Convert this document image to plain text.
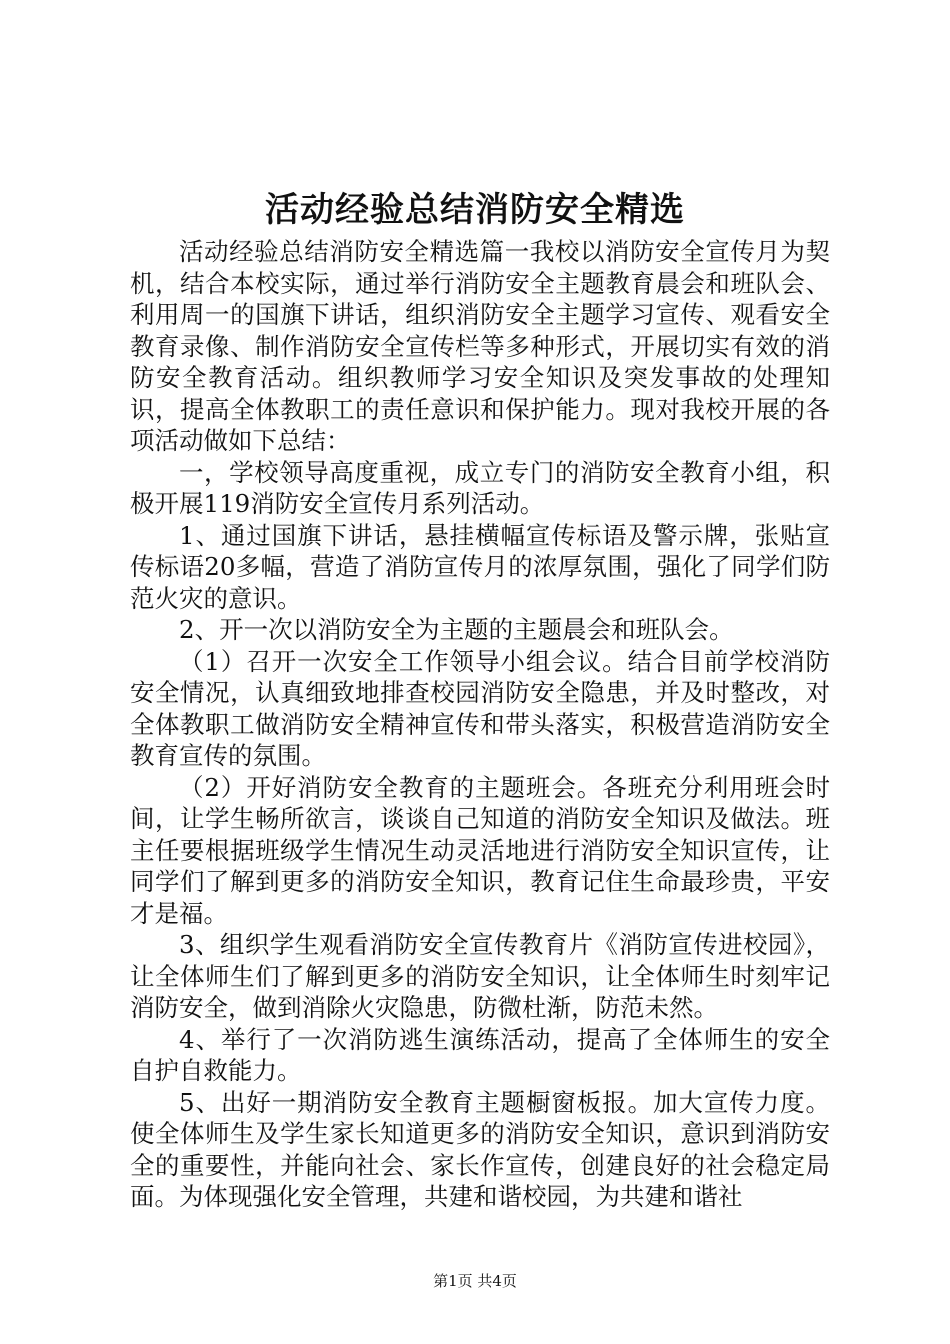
活动经验总结消防安全精选

活动经验总结消防安全精选篇一我校以消防安全宣传月为契机，结合本校实际，通过举行消防安全主题教育晨会和班队会、利用周一的国旗下讲话，组织消防安全主题学习宣传、观看安全教育录像、制作消防安全宣传栏等多种形式，开展切实有效的消防安全教育活动。组织教师学习安全知识及突发事故的处理知识，提高全体教职工的责任意识和保护能力。现对我校开展的各项活动做如下总结：

一，学校领导高度重视，成立专门的消防安全教育小组，积极开展119消防安全宣传月系列活动。

1、通过国旗下讲话，悬挂横幅宣传标语及警示牌，张贴宣传标语20多幅，营造了消防宣传月的浓厚氛围，强化了同学们防范火灾的意识。

2、开一次以消防安全为主题的主题晨会和班队会。

（1）召开一次安全工作领导小组会议。结合目前学校消防安全情况，认真细致地排查校园消防安全隐患，并及时整改，对全体教职工做消防安全精神宣传和带头落实，积极营造消防安全教育宣传的氛围。

（2）开好消防安全教育的主题班会。各班充分利用班会时间，让学生畅所欲言，谈谈自己知道的消防安全知识及做法。班主任要根据班级学生情况生动灵活地进行消防安全知识宣传，让同学们了解到更多的消防安全知识，教育记住生命最珍贵，平安才是福。

3、组织学生观看消防安全宣传教育片《消防宣传进校园》，让全体师生们了解到更多的消防安全知识，让全体师生时刻牢记消防安全，做到消除火灾隐患，防微杜渐，防范未然。

4、举行了一次消防逃生演练活动，提高了全体师生的安全自护自救能力。

5、出好一期消防安全教育主题橱窗板报。加大宣传力度。使全体师生及学生家长知道更多的消防安全知识，意识到消防安全的重要性，并能向社会、家长作宣传，创建良好的社会稳定局面。为体现强化安全管理，共建和谐校园，为共建和谐社

第1页 共4页
